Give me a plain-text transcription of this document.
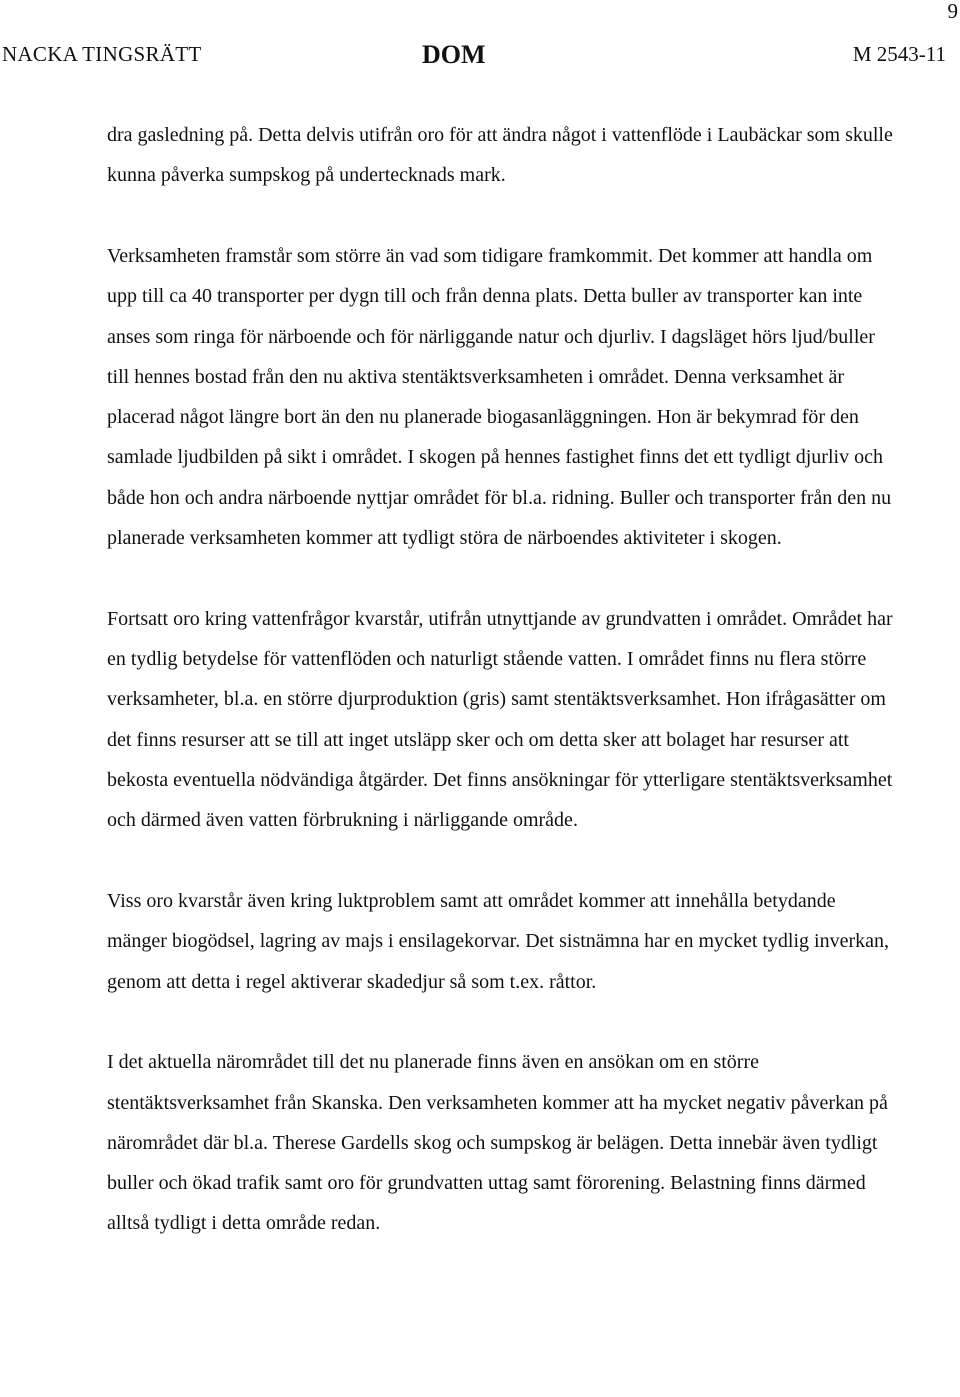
9
NACKA TINGSRÄTT	DOM	M 2543-11

dra gasledning på. Detta delvis utifrån oro för att ändra något i vattenflöde i Laubäckar som skulle kunna påverka sumpskog på undertecknads mark.

Verksamheten framstår som större än vad som tidigare framkommit. Det kommer att handla om upp till ca 40 transporter per dygn till och från denna plats. Detta buller av transporter kan inte anses som ringa för närboende och för närliggande natur och djurliv. I dagsläget hörs ljud/buller till hennes bostad från den nu aktiva stentäktsverksamheten i området. Denna verksamhet är placerad något längre bort än den nu planerade biogasanläggningen. Hon är bekymrad för den samlade ljudbilden på sikt i området. I skogen på hennes fastighet finns det ett tydligt djurliv och både hon och andra närboende nyttjar området för bl.a. ridning. Buller och transporter från den nu planerade verksamheten kommer att tydligt störa de närboendes aktiviteter i skogen.

Fortsatt oro kring vattenfrågor kvarstår, utifrån utnyttjande av grundvatten i området. Området har en tydlig betydelse för vattenflöden och naturligt stående vatten. I området finns nu flera större verksamheter, bl.a. en större djurproduktion (gris) samt stentäktsverksamhet. Hon ifrågasätter om det finns resurser att se till att inget utsläpp sker och om detta sker att bolaget har resurser att bekosta eventuella nödvändiga åtgärder. Det finns ansökningar för ytterligare stentäktsverksamhet och därmed även vatten förbrukning i närliggande område.

Viss oro kvarstår även kring luktproblem samt att området kommer att innehålla betydande mänger biogödsel, lagring av majs i ensilagekorvar. Det sistnämna har en mycket tydlig inverkan, genom att detta i regel aktiverar skadedjur så som t.ex. råttor.

I det aktuella närområdet till det nu planerade finns även en ansökan om en större stentäktsverksamhet från Skanska. Den verksamheten kommer att ha mycket negativ påverkan på närområdet där bl.a. Therese Gardells skog och sumpskog är belägen. Detta innebär även tydligt buller och ökad trafik samt oro för grundvatten uttag samt förorening. Belastning finns därmed alltså tydligt i detta område redan.
